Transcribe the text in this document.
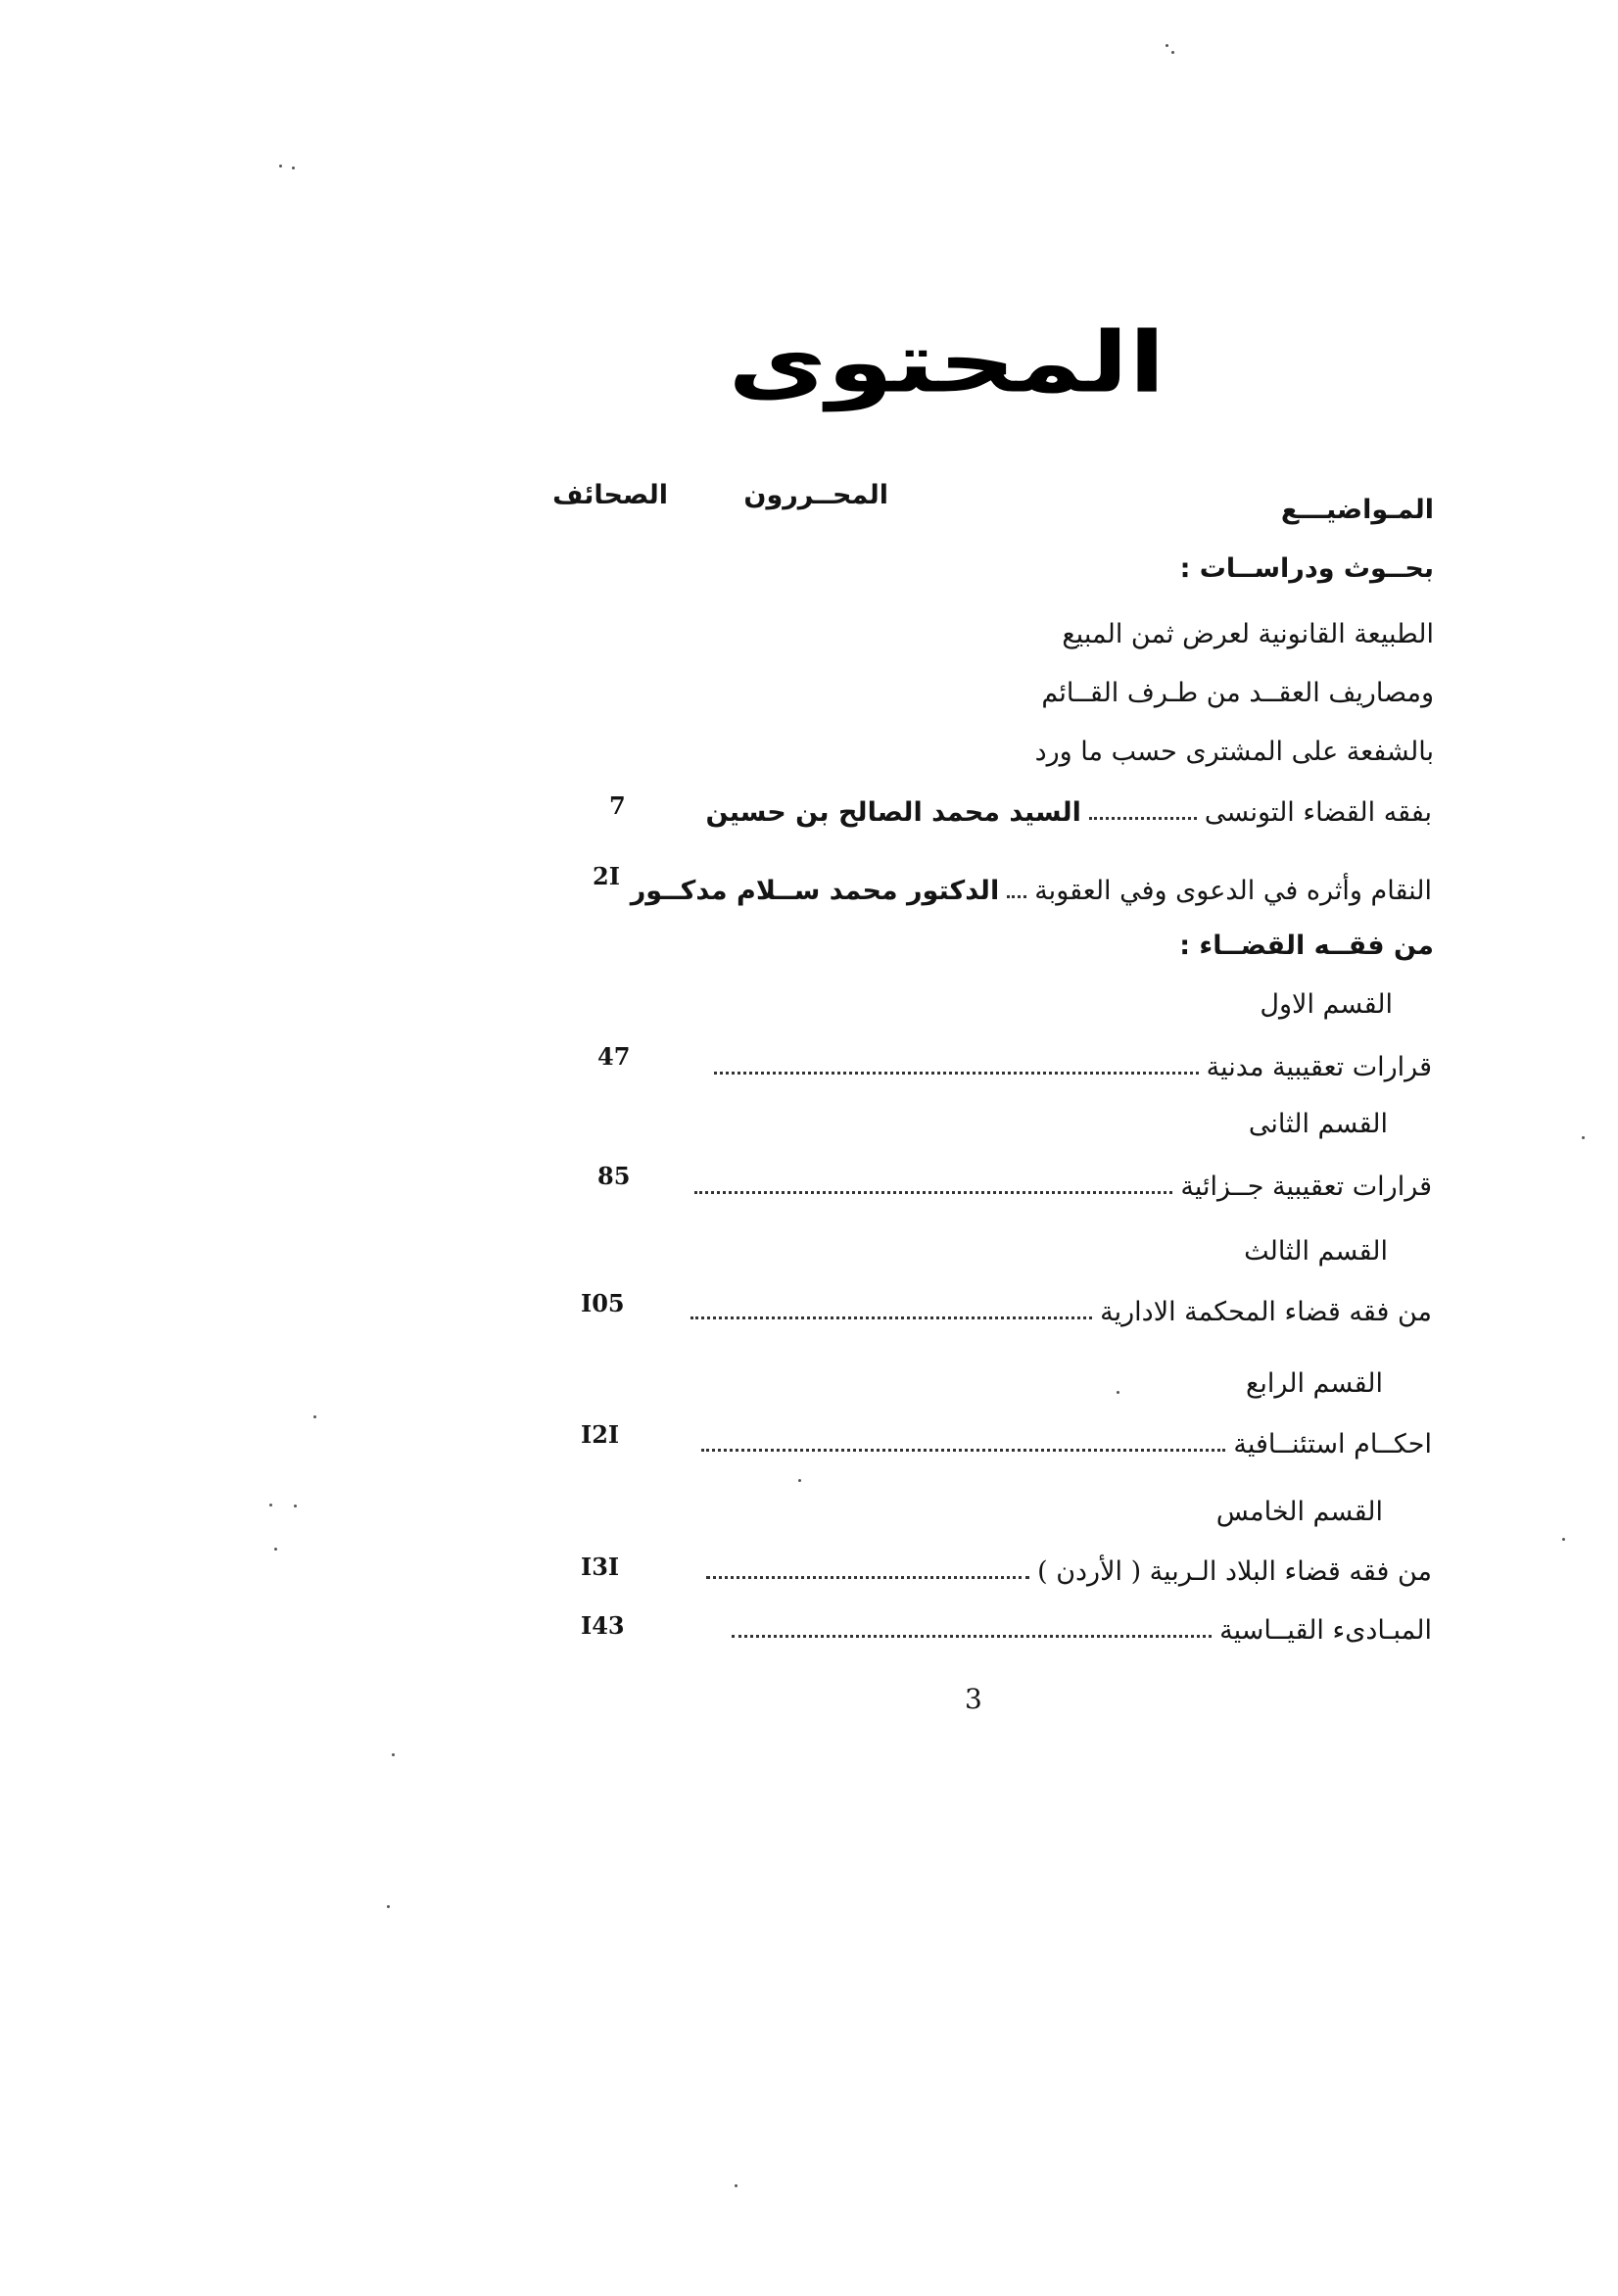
المحتوى
المـواضيـــع
المحــررون
الصحائف
بحــوث ودراســات :
الطبيعة القانونية لعرض ثمن المبيع
ومصاريف العقــد من طـرف القــائم
بالشفعة على المشترى حسب ما ورد
بفقه القضاء التونسى
السيد محمد الصالح بن حسين
7
النقام وأثره في الدعوى وفي العقوبة
الدكتور محمد ســلام مدكــور
2I
من فقــه القضــاء :
القسم الاول
قرارات تعقيبية مدنية
47
القسم الثانى
قرارات تعقيبية جــزائية
85
القسم الثالث
من فقه قضاء المحكمة الادارية
I05
القسم الرابع
احكــام استئنــافية
I2I
القسم الخامس
من فقه قضاء البلاد الـربية ( الأردن )
I3I
المبـادىء القيــاسية
I43
3
